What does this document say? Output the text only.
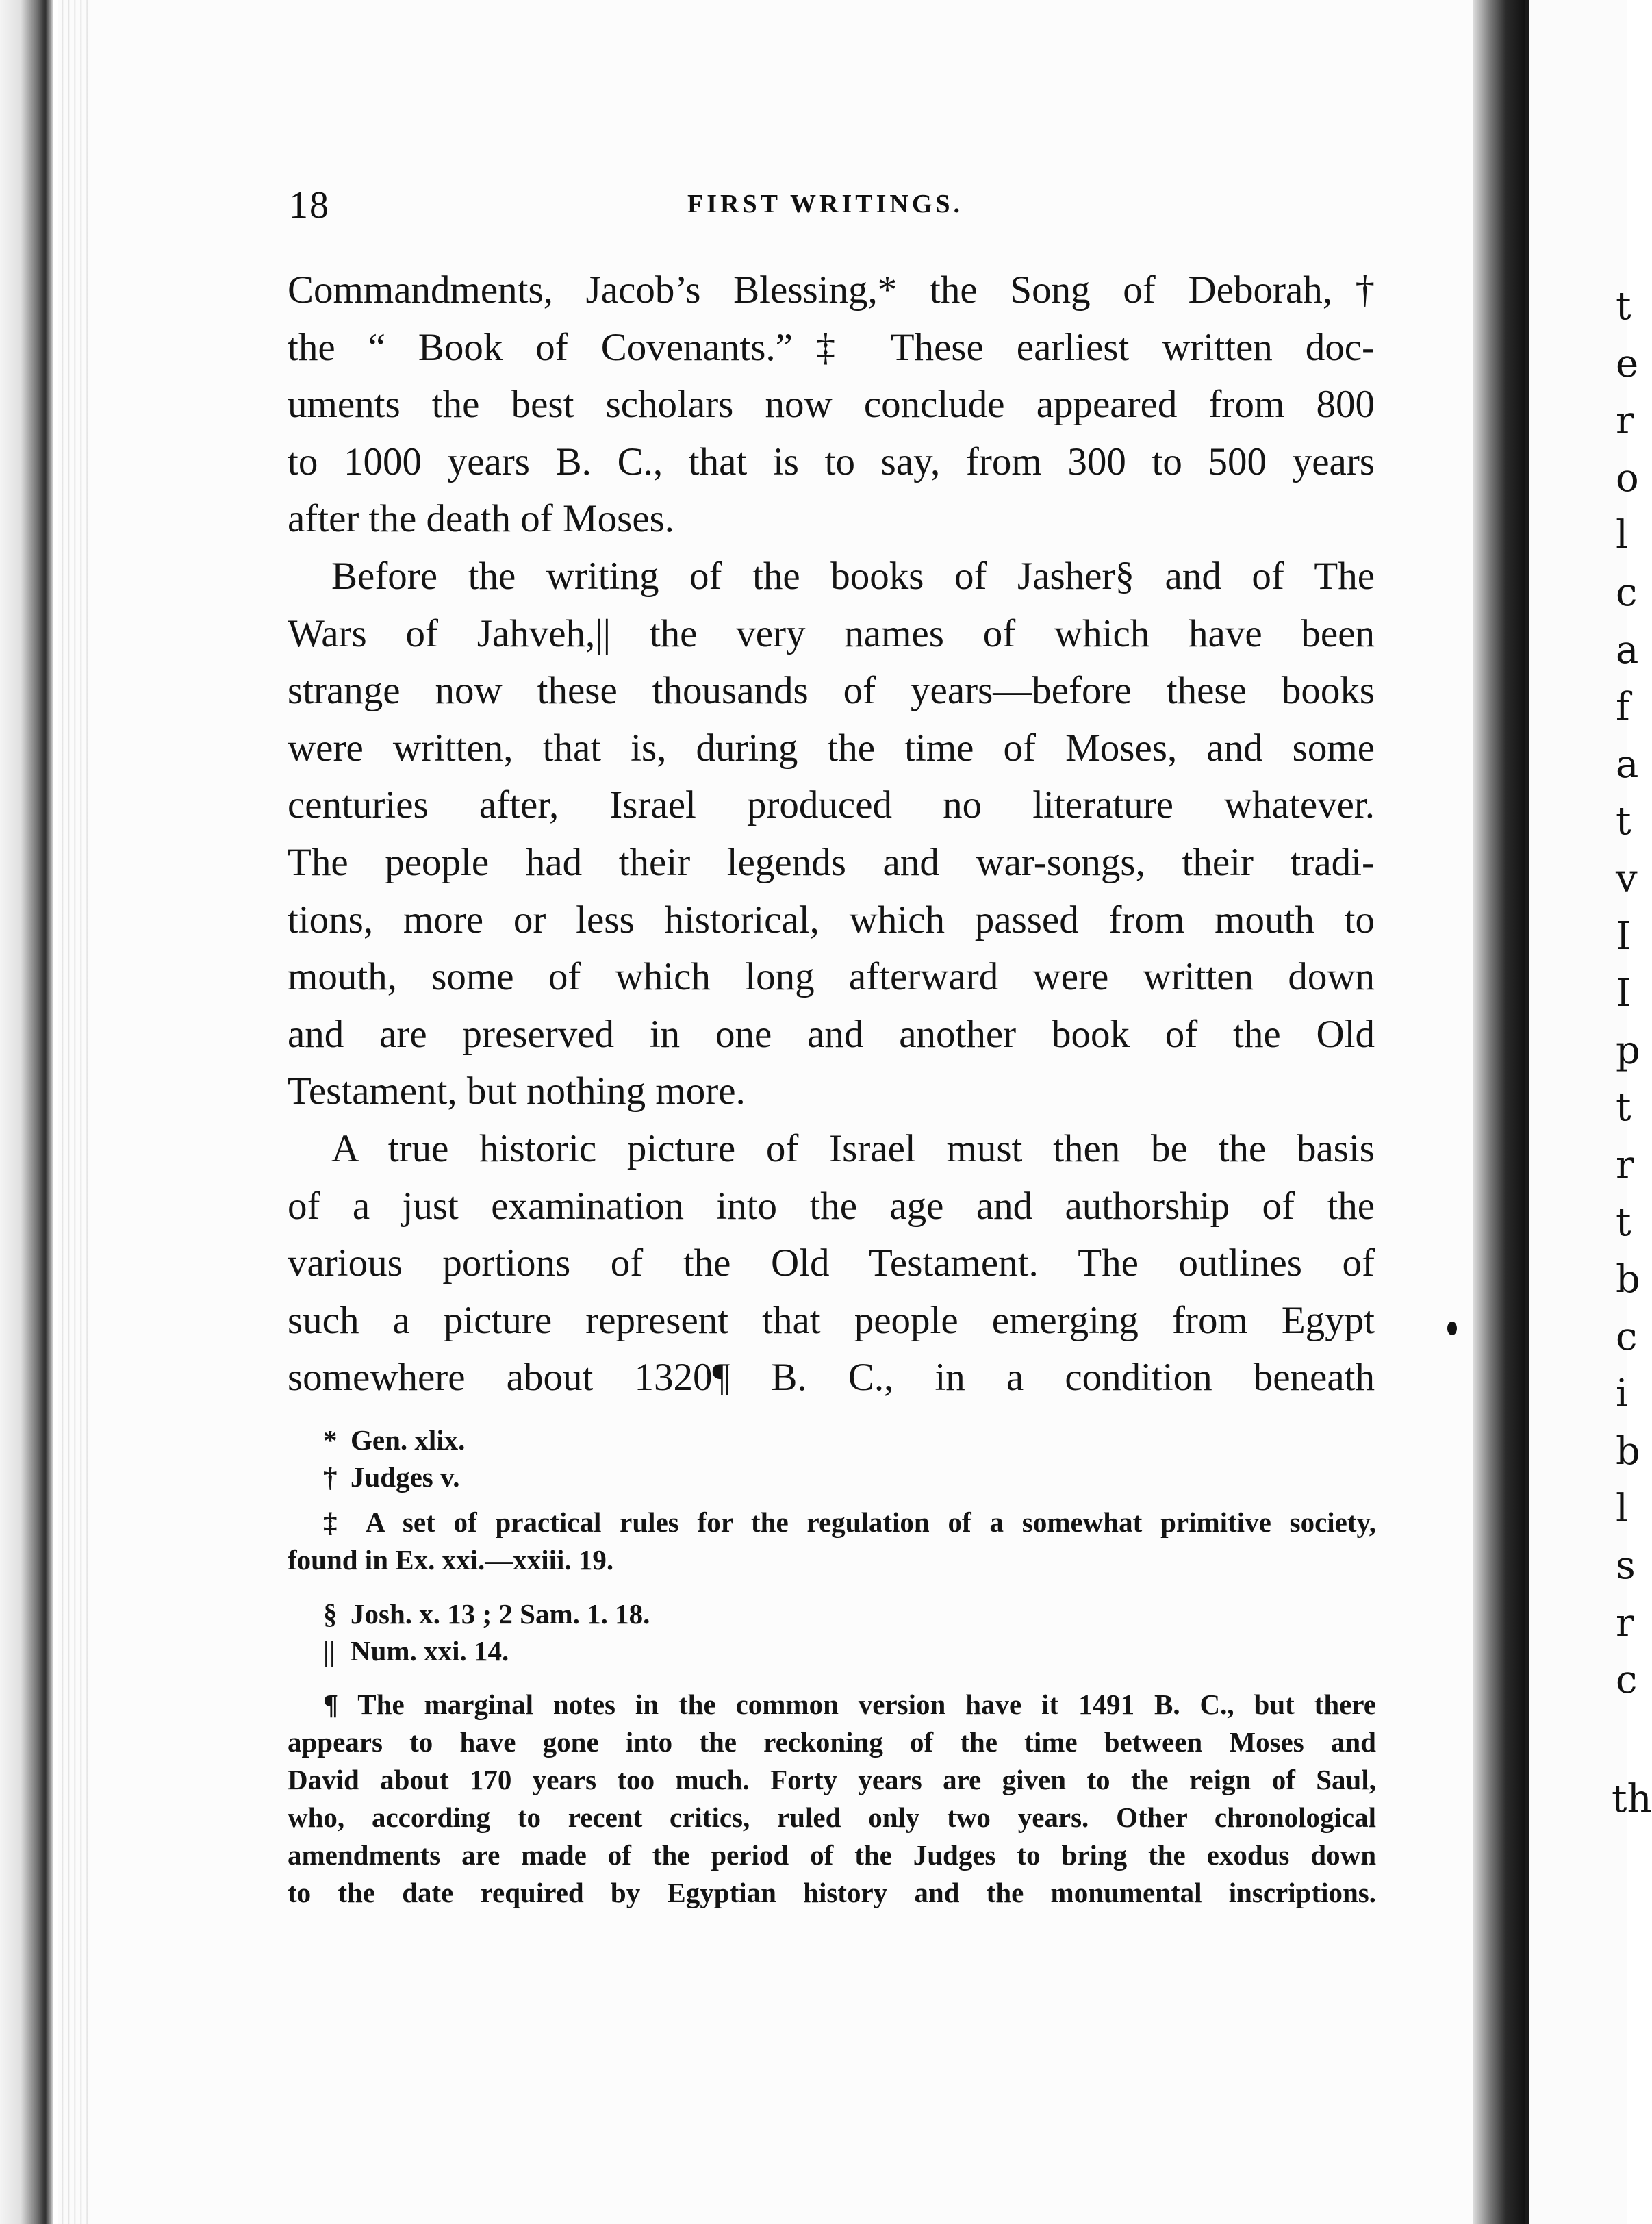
t
e
r
o
l
c
a
f
a
t
v
I
I
p
t
r
t
b
c
i
b
l
s
r
c
th
18	FIRST WRITINGS.

Commandments, Jacob’s Blessing,* the Song of Deborah,†
the “ Book of Covenants.”‡ These earliest written doc-
uments the best scholars now conclude appeared from 800
to 1000 years B. C., that is to say, from 300 to 500 years
after the death of Moses.

Before the writing of the books of Jasher§ and of The
Wars of Jahveh,|| the very names of which have been
strange now these thousands of years—before these books
were written, that is, during the time of Moses, and some
centuries after, Israel produced no literature whatever.
The people had their legends and war-songs, their tradi-
tions, more or less historical, which passed from mouth to
mouth, some of which long afterward were written down
and are preserved in one and another book of the Old
Testament, but nothing more.

A true historic picture of Israel must then be the basis
of a just examination into the age and authorship of the
various portions of the Old Testament. The outlines of
such a picture represent that people emerging from Egypt
somewhere about 1320¶ B. C., in a condition beneath

* Gen. xlix.
† Judges v.
‡ A set of practical rules for the regulation of a somewhat primitive society,
found in Ex. xxi.—xxiii. 19.
§ Josh. x. 13 ; 2 Sam. 1. 18.
|| Num. xxi. 14.
¶ The marginal notes in the common version have it 1491 B. C., but there
appears to have gone into the reckoning of the time between Moses and
David about 170 years too much. Forty years are given to the reign of Saul,
who, according to recent critics, ruled only two years. Other chronological
amendments are made of the period of the Judges to bring the exodus down
to the date required by Egyptian history and the monumental inscriptions.
